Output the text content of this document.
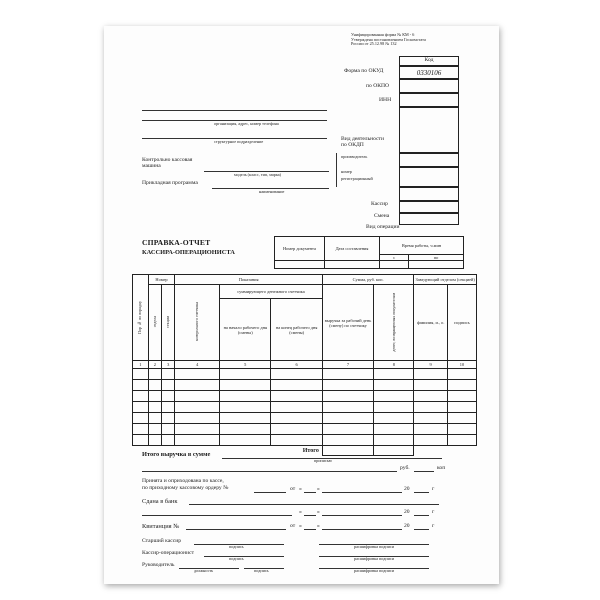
Унифицированная форма № КМ - 6
Утверждена постановлением Госкомстата
России от 25.12.98 № 132
Код
0330106
Форма по ОКУД
по ОКПО
ИНН
Вид деятельности по ОКДП
производитель
номер
регистрационный
Кассир
Смена
Вид операции
организация, адрес, номер телефона
структурное подразделение
Контрольно кассовая машина
модель (класс, тип, марка)
Прикладная программа
наименование
СПРАВКА-ОТЧЕТ
КАССИРА-ОПЕРАЦИОНИСТА
Номер документа	Дата составления	Время работы, ч.мин	
		с	по

Пор № по порядку	Номер		Показания			Сумма, руб. коп.		Заведующий отделом (секцией)	
	отдела	секции	контрольного счетчика	суммирующего денежного счетчика		выручка за рабочий день (смену) по счетчику	денег, возвращенных покупателям	фамилия, и., о.	подпись
				на начало рабочего дня (смены)	на конец рабочего дня (смены)				
1	2	3	4	5	6	7	8	9	10

Итого									
Итого выручка в сумме
прописью
руб.	коп
Принята и оприходована по кассе,
по приходному кассовому ордеру №	от «	»	20	г
Сдана в банк
«	»	20	г
Квитанция №	от «	»	20	г
Старший кассир
подпись	расшифровка подписи
Кассир-операционист
подпись	расшифровка подписи
Руководитель
должность	подпись	расшифровка подписи
